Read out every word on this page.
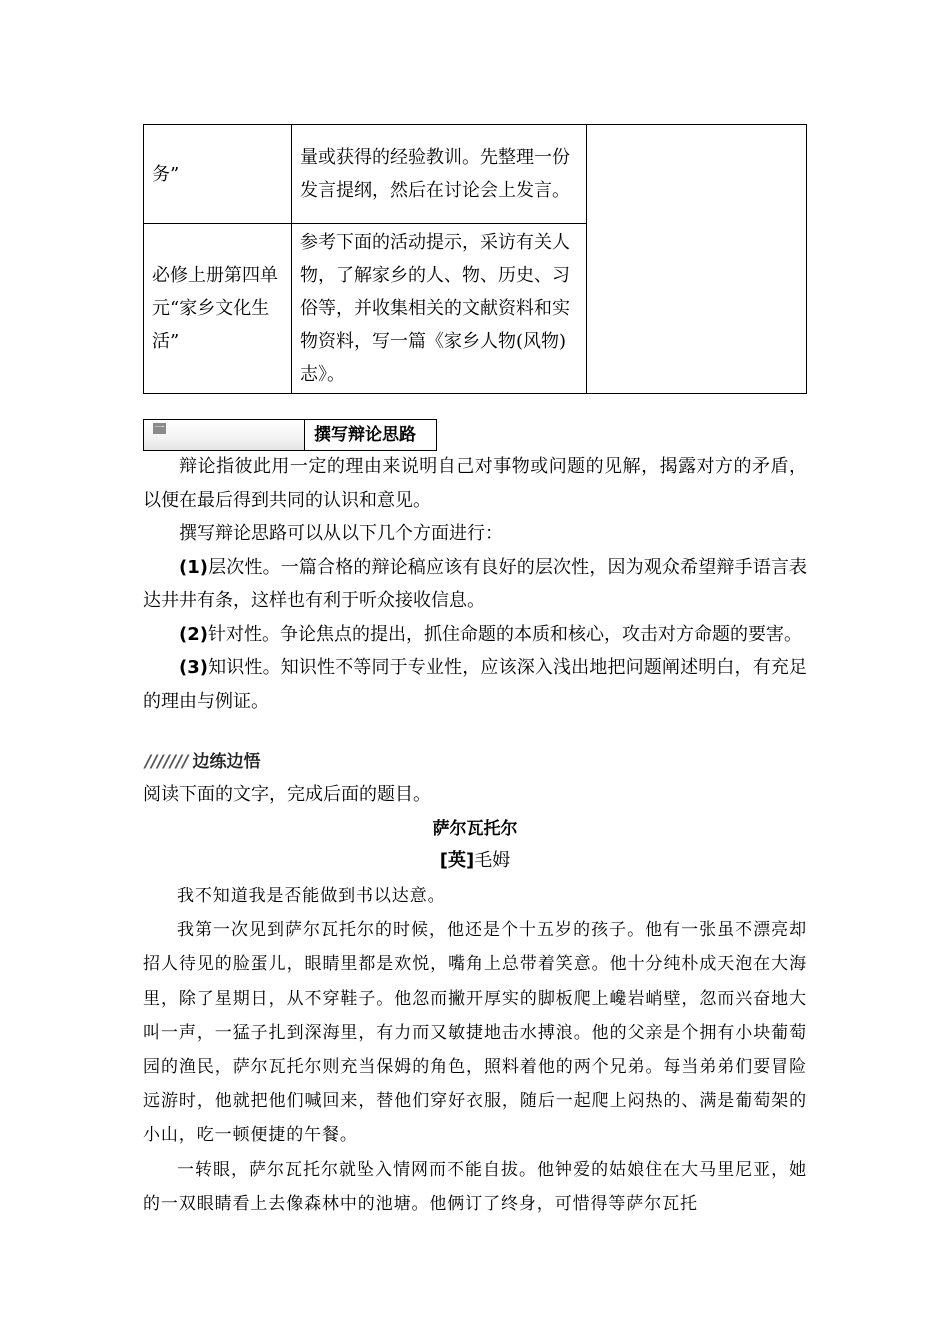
务”	量或获得的经验教训。先整理一份发言提纲，然后在讨论会上发言。	
必修上册第四单元“家乡文化生活”	参考下面的活动提示，采访有关人物，了解家乡的人、物、历史、习俗等，并收集相关的文献资料和实物资料，写一篇《家乡人物(风物)志》。	
一	撰写辩论思路

辩论指彼此用一定的理由来说明自己对事物或问题的见解，揭露对方的矛盾，以便在最后得到共同的认识和意见。

撰写辩论思路可以从以下几个方面进行：

(1)层次性。一篇合格的辩论稿应该有良好的层次性，因为观众希望辩手语言表达井井有条，这样也有利于听众接收信息。

(2)针对性。争论焦点的提出，抓住命题的本质和核心，攻击对方命题的要害。

(3)知识性。知识性不等同于专业性，应该深入浅出地把问题阐述明白，有充足的理由与例证。

/////// 边练边悟
阅读下面的文字，完成后面的题目。
萨尔瓦托尔
[英]毛姆

我不知道我是否能做到书以达意。

我第一次见到萨尔瓦托尔的时候，他还是个十五岁的孩子。他有一张虽不漂亮却招人待见的脸蛋儿，眼睛里都是欢悦，嘴角上总带着笑意。他十分纯朴成天泡在大海里，除了星期日，从不穿鞋子。他忽而撇开厚实的脚板爬上巉岩峭壁，忽而兴奋地大叫一声，一猛子扎到深海里，有力而又敏捷地击水搏浪。他的父亲是个拥有小块葡萄园的渔民，萨尔瓦托尔则充当保姆的角色，照料着他的两个兄弟。每当弟弟们要冒险远游时，他就把他们喊回来，替他们穿好衣服，随后一起爬上闷热的、满是葡萄架的小山，吃一顿便捷的午餐。

一转眼，萨尔瓦托尔就坠入情网而不能自拔。他钟爱的姑娘住在大马里尼亚，她的一双眼睛看上去像森林中的池塘。他俩订了终身，可惜得等萨尔瓦托
